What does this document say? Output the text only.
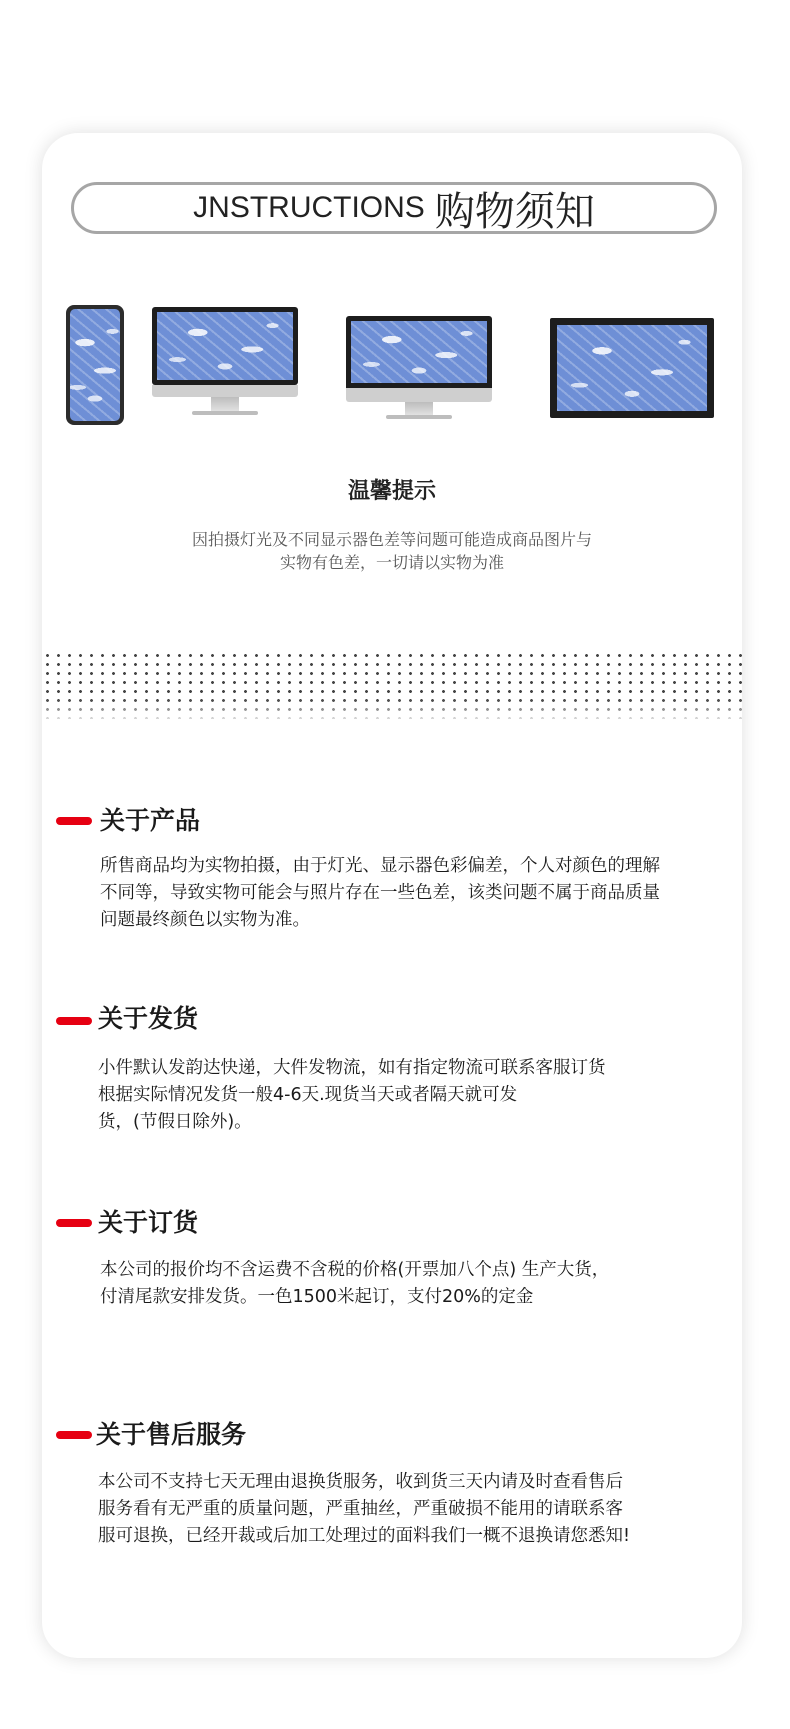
JNSTRUCTIONS 购物须知
温馨提示
因拍摄灯光及不同显示器色差等问题可能造成商品图片与
实物有色差，一切请以实物为准
关于产品
所售商品均为实物拍摄，由于灯光、显示器色彩偏差，个人对颜色的理解
不同等，导致实物可能会与照片存在一些色差，该类问题不属于商品质量
问题最终颜色以实物为准。
关于发货
小件默认发韵达快递，大件发物流，如有指定物流可联系客服订货
根据实际情况发货一般4-6天.现货当天或者隔天就可发
货，(节假日除外)。
关于订货
本公司的报价均不含运费不含税的价格(开票加八个点) 生产大货，
付清尾款安排发货。一色1500米起订，支付20%的定金
关于售后服务
本公司不支持七天无理由退换货服务，收到货三天内请及时查看售后
服务看有无严重的质量问题，严重抽丝，严重破损不能用的请联系客
服可退换，已经开裁或后加工处理过的面料我们一概不退换请您悉知!
